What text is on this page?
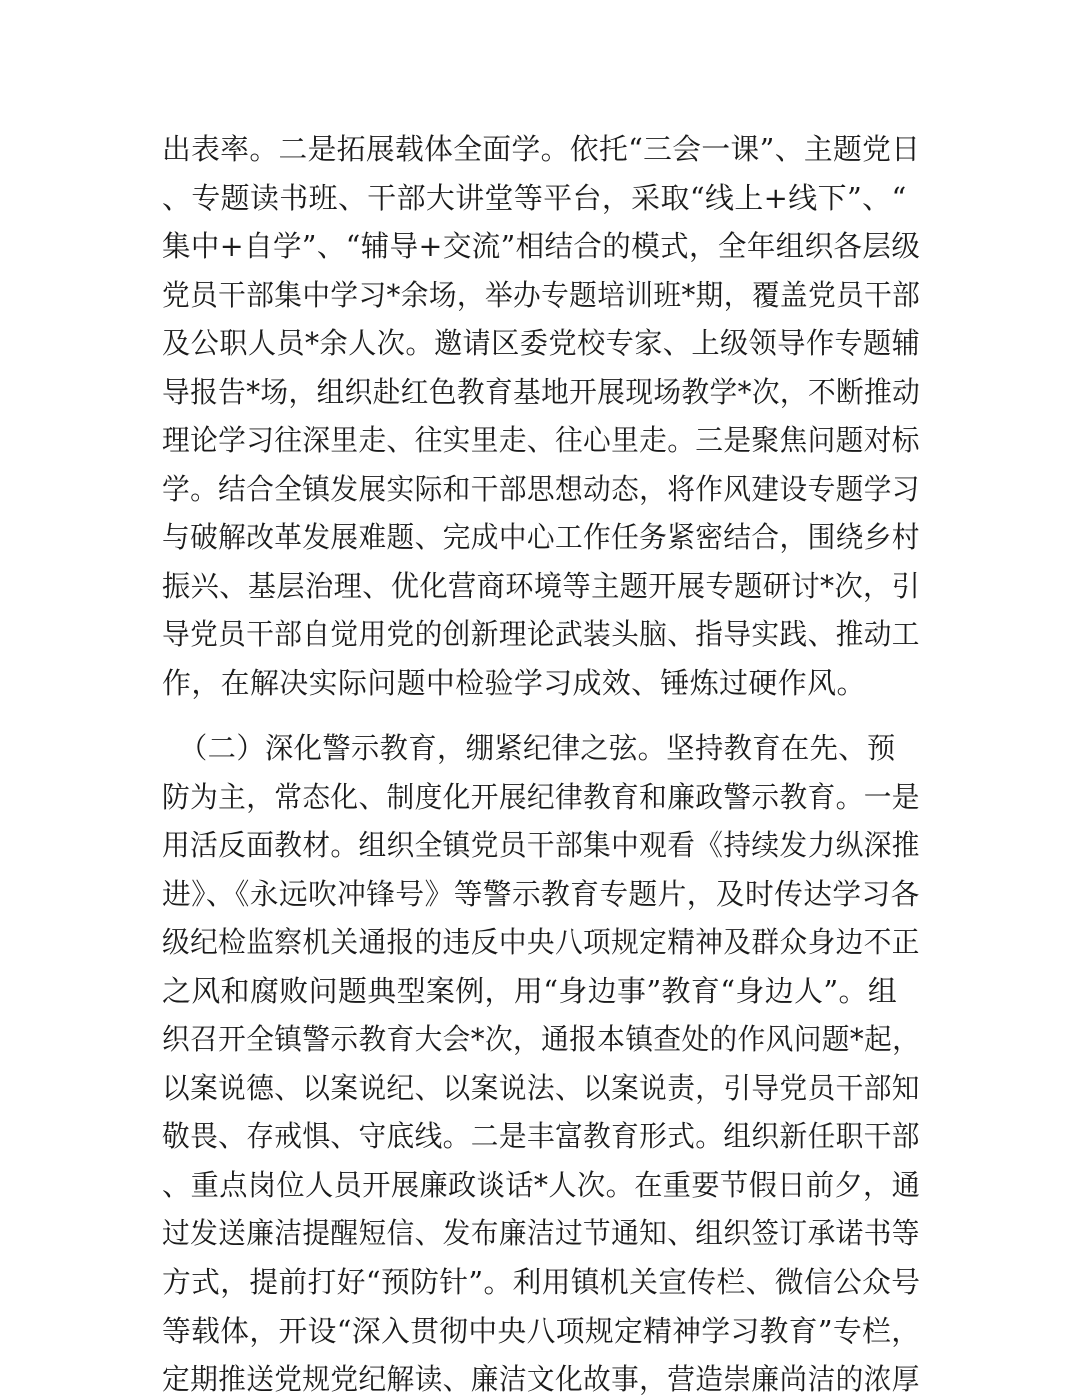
出表率。二是拓展载体全面学。依托“三会一课”、主题党日
、专题读书班、干部大讲堂等平台，采取“线上+线下”、“
集中+自学”、“辅导+交流”相结合的模式，全年组织各层级
党员干部集中学习*余场，举办专题培训班*期，覆盖党员干部
及公职人员*余人次。邀请区委党校专家、上级领导作专题辅
导报告*场，组织赴红色教育基地开展现场教学*次，不断推动
理论学习往深里走、往实里走、往心里走。三是聚焦问题对标
学。结合全镇发展实际和干部思想动态，将作风建设专题学习
与破解改革发展难题、完成中心工作任务紧密结合，围绕乡村
振兴、基层治理、优化营商环境等主题开展专题研讨*次，引
导党员干部自觉用党的创新理论武装头脑、指导实践、推动工
作，在解决实际问题中检验学习成效、锤炼过硬作风。
（二）深化警示教育，绷紧纪律之弦。坚持教育在先、预
防为主，常态化、制度化开展纪律教育和廉政警示教育。一是
用活反面教材。组织全镇党员干部集中观看《持续发力纵深推
进》、《永远吹冲锋号》等警示教育专题片，及时传达学习各
级纪检监察机关通报的违反中央八项规定精神及群众身边不正
之风和腐败问题典型案例，用“身边事”教育“身边人”。组
织召开全镇警示教育大会*次，通报本镇查处的作风问题*起，
以案说德、以案说纪、以案说法、以案说责，引导党员干部知
敬畏、存戒惧、守底线。二是丰富教育形式。组织新任职干部
、重点岗位人员开展廉政谈话*人次。在重要节假日前夕，通
过发送廉洁提醒短信、发布廉洁过节通知、组织签订承诺书等
方式，提前打好“预防针”。利用镇机关宣传栏、微信公众号
等载体，开设“深入贯彻中央八项规定精神学习教育”专栏，
定期推送党规党纪解读、廉洁文化故事，营造崇廉尚洁的浓厚
